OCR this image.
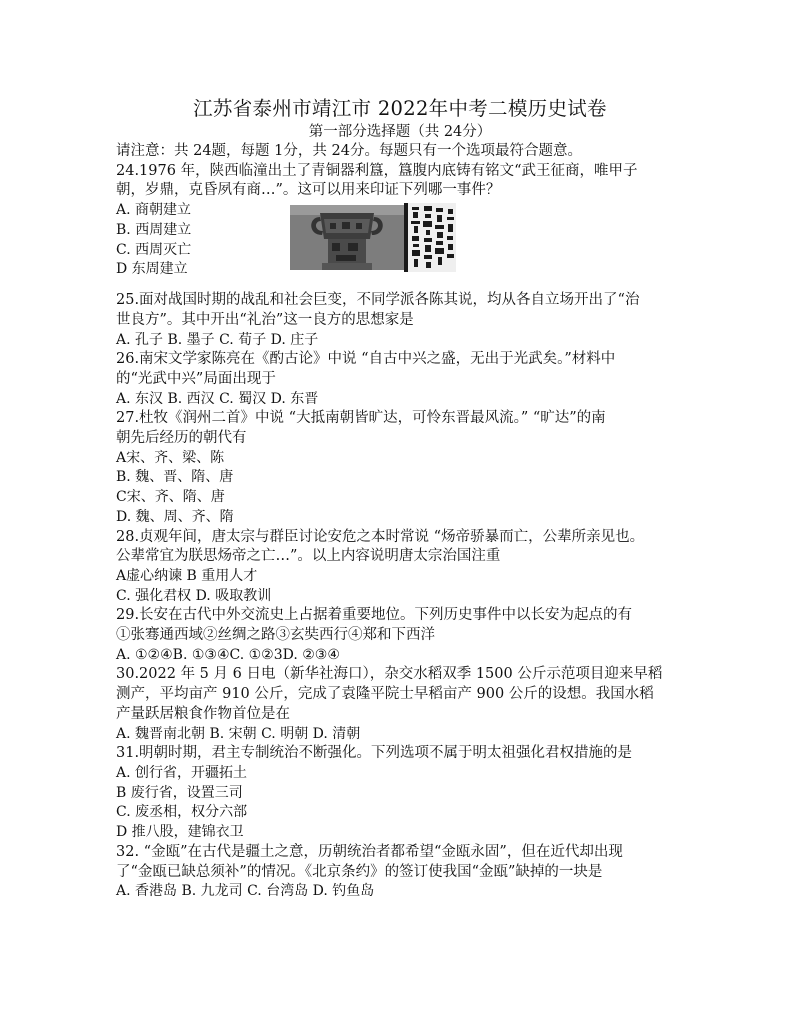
江苏省泰州市靖江市 2022年中考二模历史试卷
第一部分选择题（共 24分）
请注意：共 24题，每题 1分，共 24分。每题只有一个选项最符合题意。
24.1976 年，陕西临潼出土了青铜器利簋，簋腹内底铸有铭文“武王征商，唯甲子
朝，岁鼎，克昏夙有商…”。这可以用来印证下列哪一事件？
A. 商朝建立
B. 西周建立
C. 西周灭亡
D 东周建立
25.面对战国时期的战乱和社会巨变，不同学派各陈其说，均从各自立场开出了“治
世良方”。其中开出“礼治”这一良方的思想家是
A. 孔子 B. 墨子 C. 荀子 D. 庄子
26.南宋文学家陈亮在《酌古论》中说 “自古中兴之盛，无出于光武矣。”材料中
的“光武中兴”局面出现于
A. 东汉 B. 西汉 C. 蜀汉 D. 东晋
27.杜牧《润州二首》中说 “大抵南朝皆旷达，可怜东晋最风流。” “旷达”的南
朝先后经历的朝代有
A宋、齐、梁、陈
B. 魏、晋、隋、唐
C宋、齐、隋、唐
D. 魏、周、齐、隋
28.贞观年间，唐太宗与群臣讨论安危之本时常说 “炀帝骄暴而亡，公辈所亲见也。
公辈常宜为朕思炀帝之亡…”。以上内容说明唐太宗治国注重
A虚心纳谏 B 重用人才
C. 强化君权 D. 吸取教训
29.长安在古代中外交流史上占据着重要地位。下列历史事件中以长安为起点的有
①张骞通西域②丝绸之路③玄奘西行④郑和下西洋
A. ①②④B. ①③④C. ①②3D. ②③④
30.2022 年 5 月 6 日电（新华社海口），杂交水稻双季 1500 公斤示范项目迎来早稻
测产，平均亩产 910 公斤，完成了袁隆平院士早稻亩产 900 公斤的设想。我国水稻
产量跃居粮食作物首位是在
A. 魏晋南北朝 B. 宋朝 C. 明朝 D. 清朝
31.明朝时期，君主专制统治不断强化。下列选项不属于明太祖强化君权措施的是
A. 创行省，开疆拓土
B 废行省，设置三司
C. 废丞相，权分六部
D 推八股，建锦衣卫
32. “金瓯”在古代是疆土之意，历朝统治者都希望“金瓯永固”，但在近代却出现
了“金瓯已缺总须补”的情况。《北京条约》的签订使我国“金瓯”缺掉的一块是
A. 香港岛 B. 九龙司 C. 台湾岛 D. 钓鱼岛
